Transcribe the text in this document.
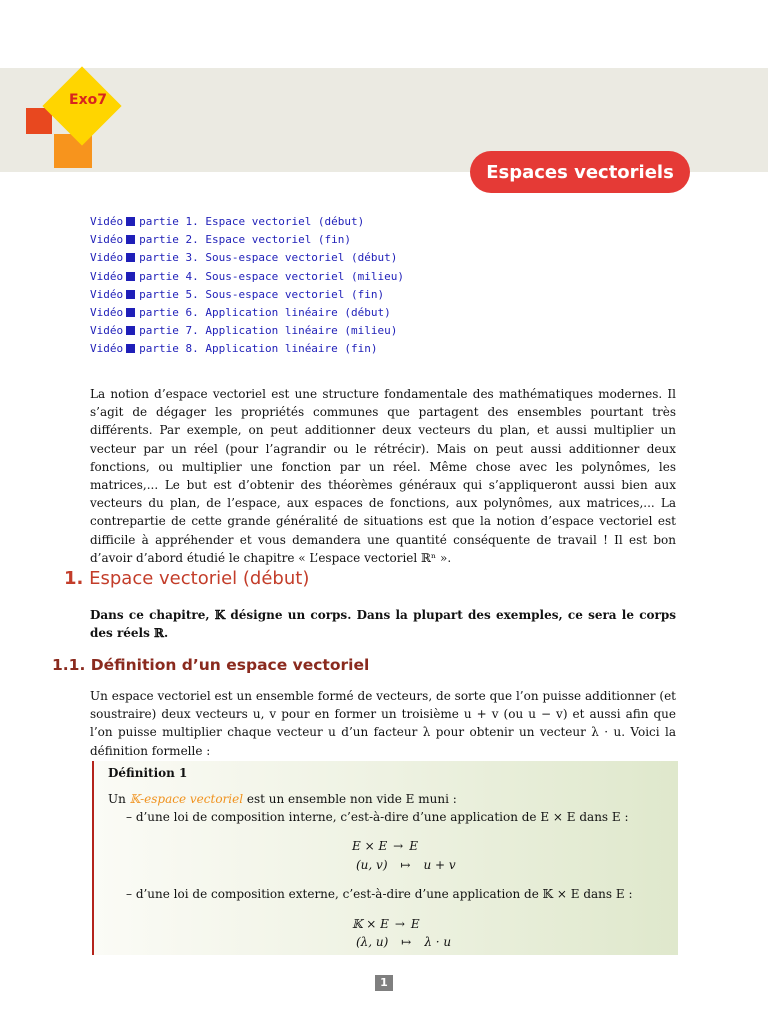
Exo7
Espaces vectoriels
Vidéo partie 1. Espace vectoriel (début)
Vidéo partie 2. Espace vectoriel (fin)
Vidéo partie 3. Sous-espace vectoriel (début)
Vidéo partie 4. Sous-espace vectoriel (milieu)
Vidéo partie 5. Sous-espace vectoriel (fin)
Vidéo partie 6. Application linéaire (début)
Vidéo partie 7. Application linéaire (milieu)
Vidéo partie 8. Application linéaire (fin)
La notion d’espace vectoriel est une structure fondamentale des mathématiques modernes. Il s’agit de dégager les propriétés communes que partagent des ensembles pourtant très différents. Par exemple, on peut additionner deux vecteurs du plan, et aussi multiplier un vecteur par un réel (pour l’agrandir ou le rétrécir). Mais on peut aussi additionner deux fonctions, ou multiplier une fonction par un réel. Même chose avec les polynômes, les matrices,... Le but est d’obtenir des théorèmes généraux qui s’appliqueront aussi bien aux vecteurs du plan, de l’espace, aux espaces de fonctions, aux polynômes, aux matrices,... La contrepartie de cette grande généralité de situations est que la notion d’espace vectoriel est difficile à appréhender et vous demandera une quantité conséquente de travail ! Il est bon d’avoir d’abord étudié le chapitre « L’espace vectoriel ℝⁿ ».
1. Espace vectoriel (début)
Dans ce chapitre, 𝕂 désigne un corps. Dans la plupart des exemples, ce sera le corps des réels ℝ.
1.1. Définition d’un espace vectoriel
Un espace vectoriel est un ensemble formé de vecteurs, de sorte que l’on puisse additionner (et soustraire) deux vecteurs u, v pour en former un troisième u + v (ou u − v) et aussi afin que l’on puisse multiplier chaque vecteur u d’un facteur λ pour obtenir un vecteur λ · u. Voici la définition formelle :
Définition 1
Un 𝕂-espace vectoriel est un ensemble non vide E muni :
– d’une loi de composition interne, c’est-à-dire d’une application de E × E dans E :
E × E → E
(u, v) ↦ u + v
– d’une loi de composition externe, c’est-à-dire d’une application de 𝕂 × E dans E :
𝕂 × E → E
(λ, u) ↦ λ · u
1
